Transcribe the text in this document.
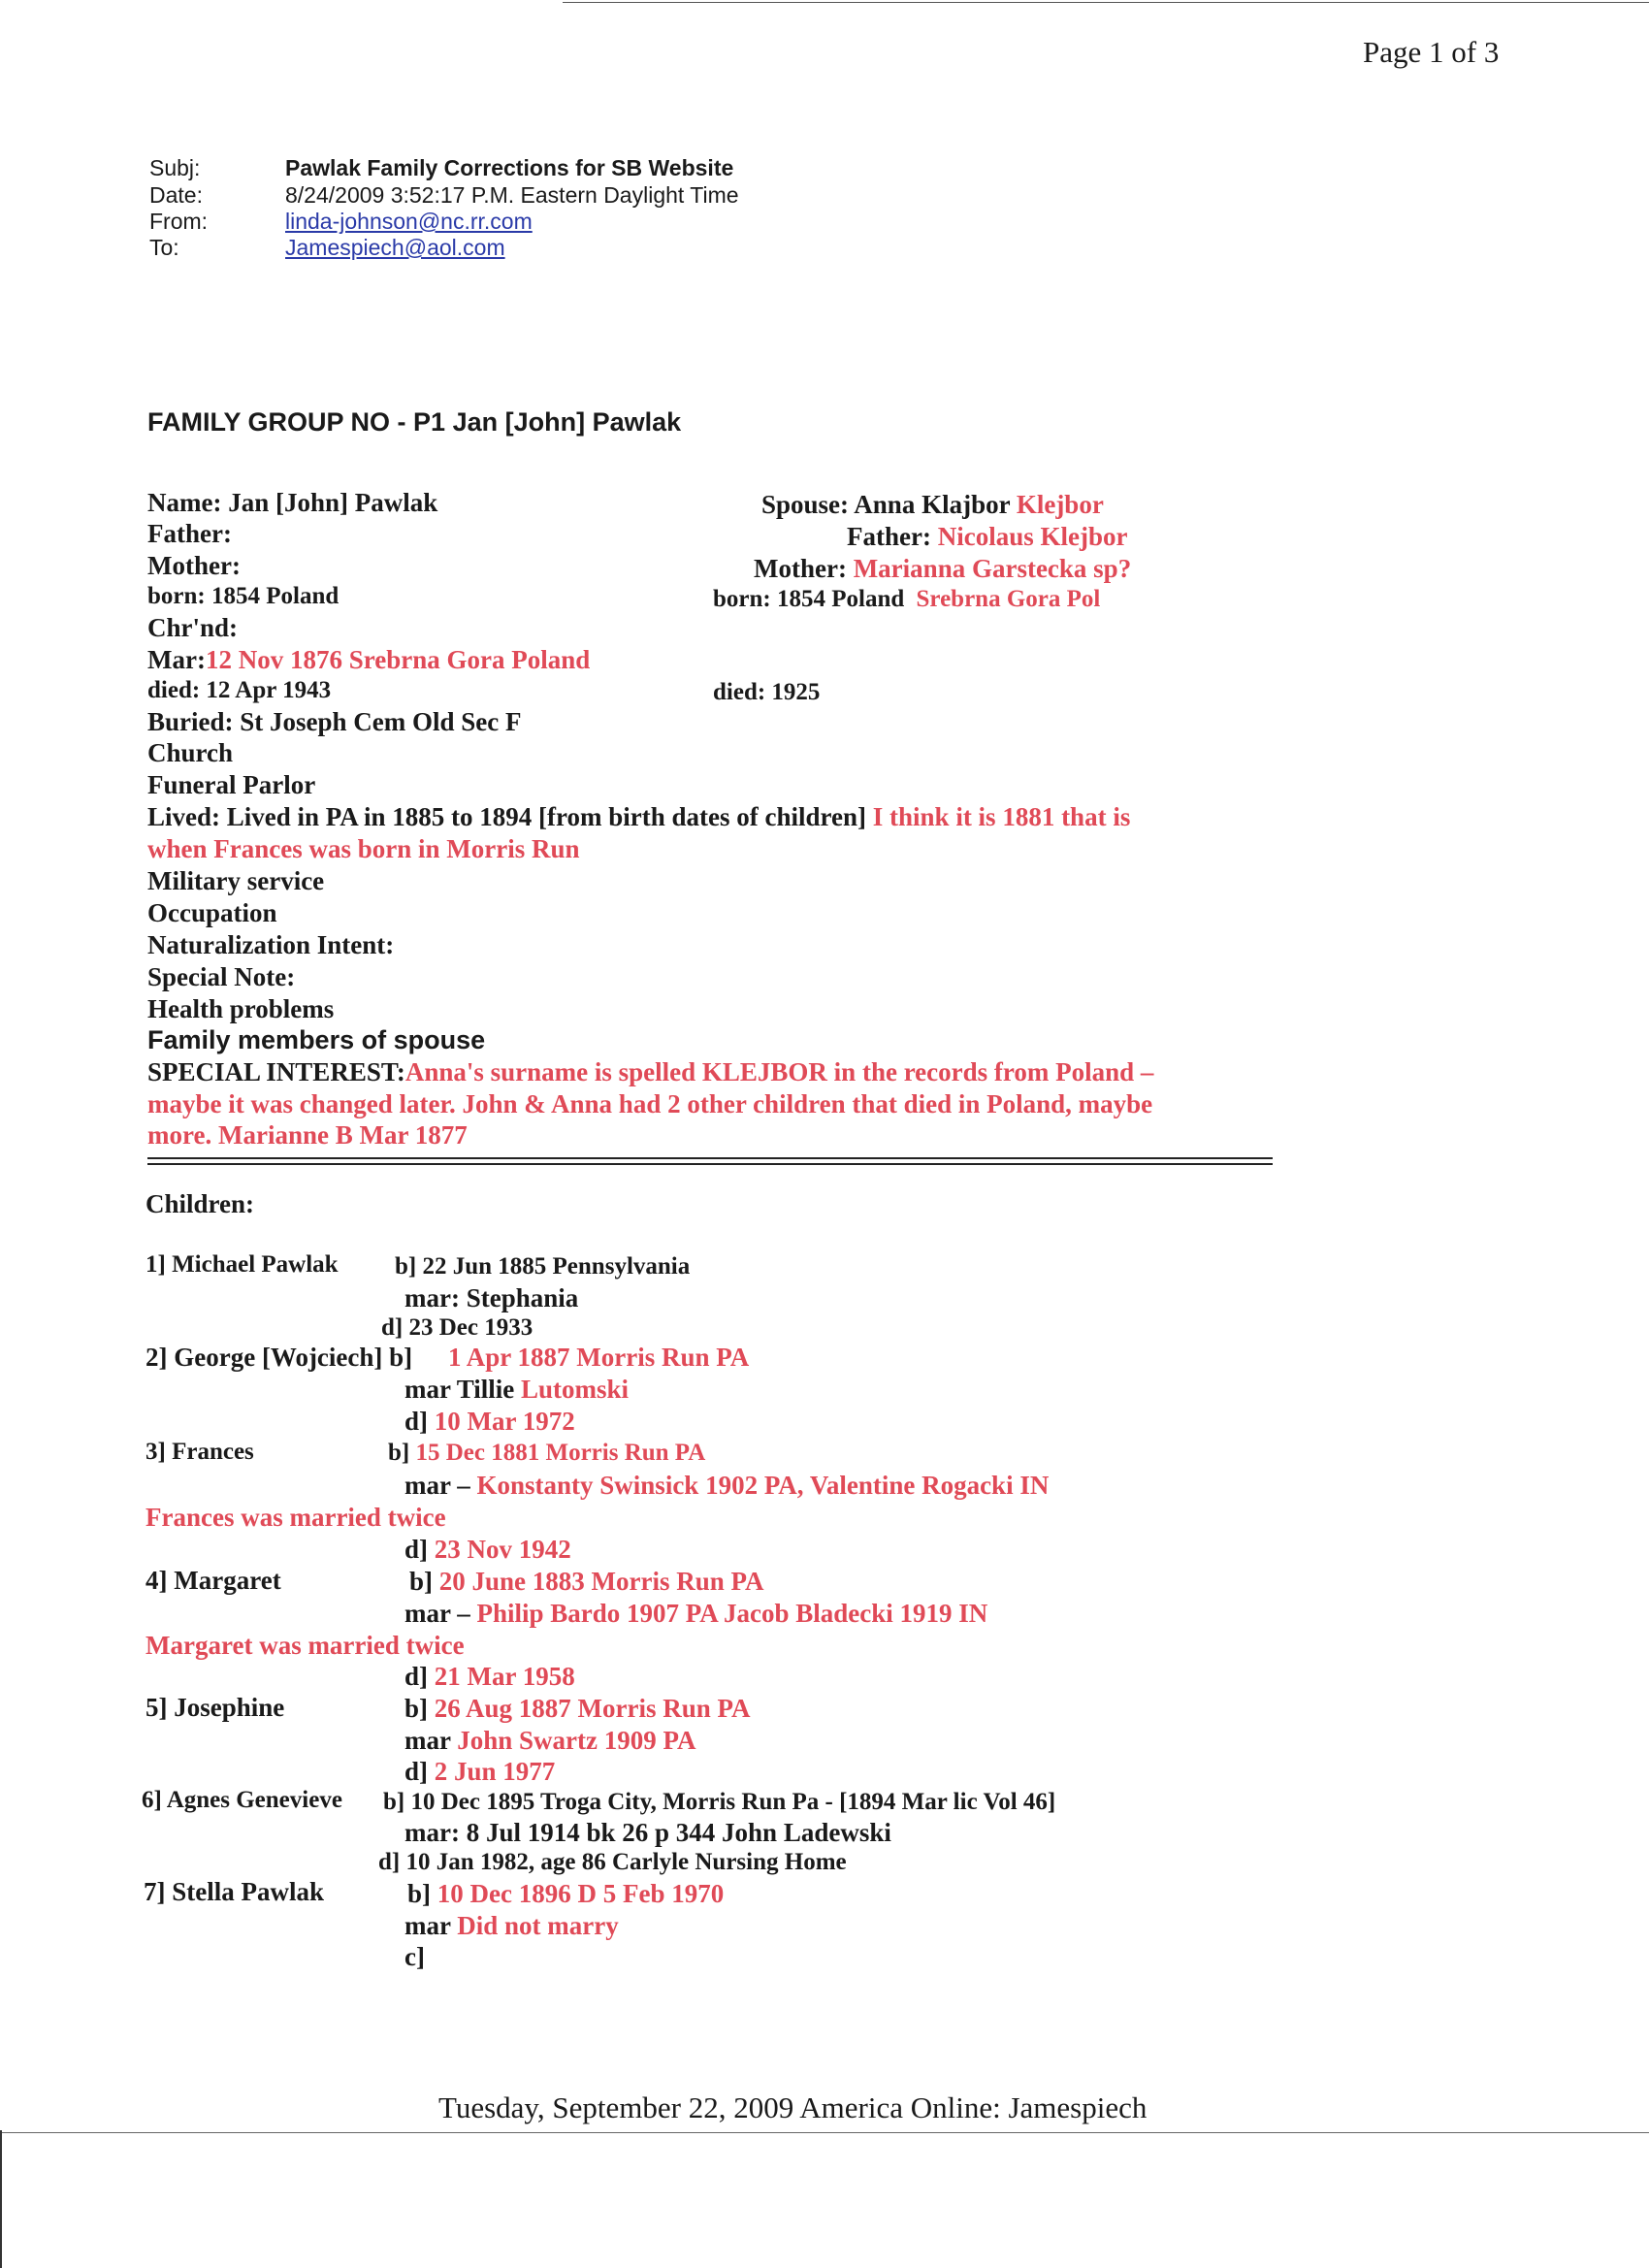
Page 1 of 3
Subj:	Pawlak Family Corrections for SB Website
Date:	8/24/2009 3:52:17 P.M. Eastern Daylight Time
From:	linda-johnson@nc.rr.com
To:	Jamespiech@aol.com
FAMILY GROUP NO - P1 Jan [John] Pawlak
Name: Jan [John] Pawlak
Father:
Mother:
born: 1854 Poland
Chr'nd:
Mar:12 Nov 1876 Srebrna Gora Poland
died: 12 Apr 1943
Buried: St Joseph Cem Old Sec F
Church
Funeral Parlor
Lived: Lived in PA in 1885 to 1894 [from birth dates of children] I think it is 1881 that is
when Frances was born in Morris Run
Military service
Occupation
Naturalization Intent:
Special Note:
Health problems
Family members of spouse
SPECIAL INTEREST:Anna's surname is spelled KLEJBOR in the records from Poland –
maybe it was changed later. John & Anna had 2 other children that died in Poland, maybe
more. Marianne B Mar 1877
Spouse: Anna Klajbor Klejbor
Father: Nicolaus Klejbor
Mother: Marianna Garstecka sp?
born: 1854 Poland Srebrna Gora Pol
died: 1925
Children:
1] Michael Pawlak b] 22 Jun 1885 Pennsylvania
mar: Stephania
d] 23 Dec 1933
2] George [Wojciech] b] 1 Apr 1887 Morris Run PA
mar Tillie Lutomski
d] 10 Mar 1972
3] Frances	b] 15 Dec 1881 Morris Run PA
mar – Konstanty Swinsick 1902 PA, Valentine Rogacki IN
Frances was married twice
d] 23 Nov 1942
4] Margaret	b] 20 June 1883 Morris Run PA
mar – Philip Bardo 1907 PA Jacob Bladecki 1919 IN
Margaret was married twice
d] 21 Mar 1958
5] Josephine	b] 26 Aug 1887 Morris Run PA
mar John Swartz 1909 PA
d] 2 Jun 1977
6] Agnes Genevieve b] 10 Dec 1895 Troga City, Morris Run Pa - [1894 Mar lic Vol 46]
mar: 8 Jul 1914 bk 26 p 344 John Ladewski
d] 10 Jan 1982, age 86 Carlyle Nursing Home
7] Stella Pawlak	b] 10 Dec 1896 D 5 Feb 1970
mar Did not marry
c]
Tuesday, September 22, 2009 America Online: Jamespiech
